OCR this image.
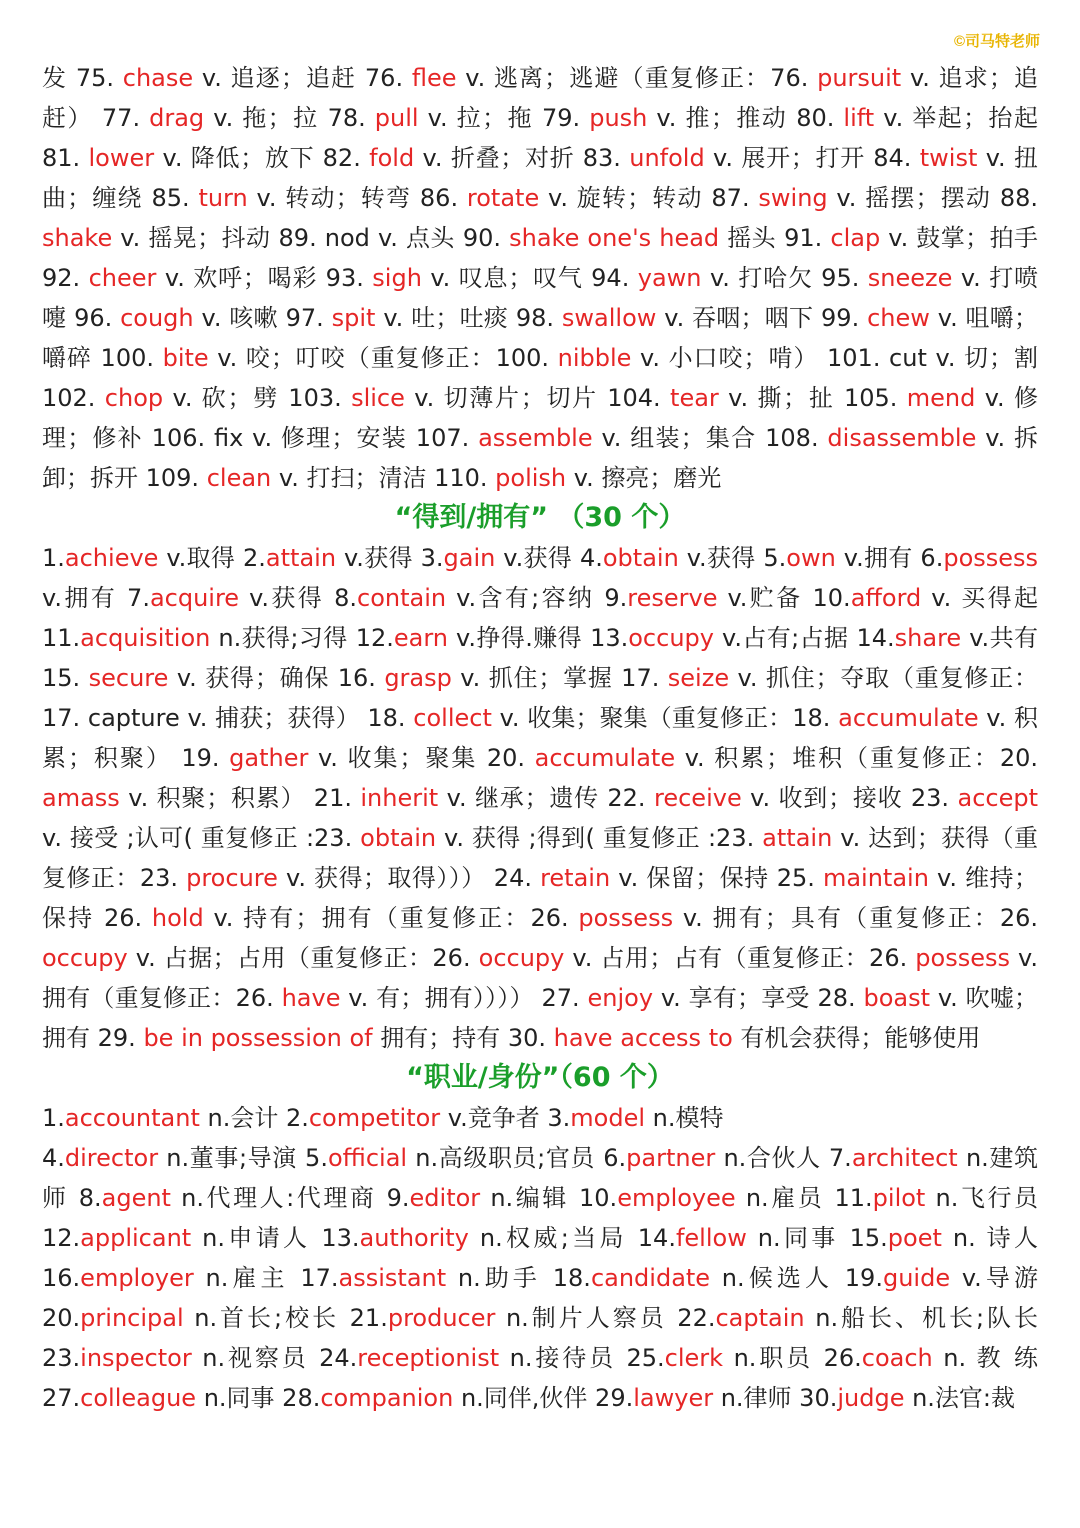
©司马特老师

发 75. chase v. 追逐；追赶 76. flee v. 逃离；逃避（重复修正：76. pursuit v. 追求；追赶） 77. drag v. 拖；拉 78. pull v. 拉；拖 79. push v. 推；推动 80. lift v. 举起；抬起 81. lower v. 降低；放下 82. fold v. 折叠；对折 83. unfold v. 展开；打开 84. twist v. 扭曲；缠绕 85. turn v. 转动；转弯 86. rotate v. 旋转；转动 87. swing v. 摇摆；摆动 88. shake v. 摇晃；抖动 89. nod v. 点头 90. shake one's head 摇头 91. clap v. 鼓掌；拍手 92. cheer v. 欢呼；喝彩 93. sigh v. 叹息；叹气 94. yawn v. 打哈欠 95. sneeze v. 打喷嚏 96. cough v. 咳嗽 97. spit v. 吐；吐痰 98. swallow v. 吞咽；咽下 99. chew v. 咀嚼；嚼碎 100. bite v. 咬；叮咬（重复修正：100. nibble v. 小口咬；啃） 101. cut v. 切；割 102. chop v. 砍；劈 103. slice v. 切薄片；切片 104. tear v. 撕；扯 105. mend v. 修理；修补 106. fix v. 修理；安装 107. assemble v. 组装；集合 108. disassemble v. 拆卸；拆开 109. clean v. 打扫；清洁 110. polish v. 擦亮；磨光

“得到/拥有” （30 个）

1.achieve v.取得 2.attain v.获得 3.gain v.获得 4.obtain v.获得 5.own v.拥有 6.possess v.拥有 7.acquire v.获得 8.contain v.含有;容纳 9.reserve v.贮备 10.afford v. 买得起 11.acquisition n.获得;习得 12.earn v.挣得.赚得 13.occupy v.占有;占据 14.share v.共有 15. secure v. 获得；确保 16. grasp v. 抓住；掌握 17. seize v. 抓住；夺取（重复修正：17. capture v. 捕获；获得） 18. collect v. 收集；聚集（重复修正：18. accumulate v. 积累；积聚） 19. gather v. 收集；聚集 20. accumulate v. 积累；堆积（重复修正：20. amass v. 积聚；积累） 21. inherit v. 继承；遗传 22. receive v. 收到；接收 23. accept v. 接受 ;认可( 重复修正 :23. obtain v. 获得 ;得到( 重复修正 :23. attain v. 达到；获得（重复修正：23. procure v. 获得；取得））） 24. retain v. 保留；保持 25. maintain v. 维持；保持 26. hold v. 持有；拥有（重复修正：26. possess v. 拥有；具有（重复修正：26. occupy v. 占据；占用（重复修正：26. occupy v. 占用；占有（重复修正：26. possess v. 拥有（重复修正：26. have v. 有；拥有）））） 27. enjoy v. 享有；享受 28. boast v. 吹嘘；拥有 29. be in possession of 拥有；持有 30. have access to 有机会获得；能够使用

“职业/身份”（60 个）

1.accountant n.会计 2.competitor v.竞争者 3.model n.模特

4.director n.董事;导演 5.official n.高级职员;官员 6.partner n.合伙人 7.architect n.建筑师 8.agent n.代理人:代理商 9.editor n.编辑 10.employee n.雇员 11.pilot n.飞行员 12.applicant n.申请人 13.authority n.权威;当局 14.fellow n.同事 15.poet n. 诗人 16.employer n.雇主 17.assistant n.助手 18.candidate n.候选人 19.guide v.导游 20.principal n.首长;校长 21.producer n.制片人察员 22.captain n.船长、机长;队长 23.inspector n.视察员 24.receptionist n.接待员 25.clerk n.职员 26.coach n. 教 练 27.colleague n.同事 28.companion n.同伴,伙伴 29.lawyer n.律师 30.judge n.法官:裁
